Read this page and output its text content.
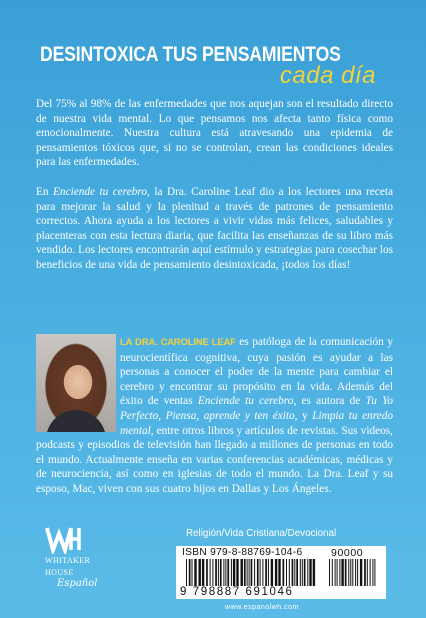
DESINTOXICA TUS PENSAMIENTOS
cada día

Del 75% al 98% de las enfermedades que nos aquejan son el resultado directo de nuestra vida mental. Lo que pensamos nos afecta tanto física como emocionalmente. Nuestra cultura está atravesando una epidemia de pensamientos tóxicos que, si no se controlan, crean las condiciones ideales para las enfermedades.

En Enciende tu cerebro, la Dra. Caroline Leaf dio a los lectores una receta para mejorar la salud y la plenitud a través de patrones de pensamiento correctos. Ahora ayuda a los lectores a vivir vidas más felices, saludables y placenteras con esta lectura diaria, que facilita las enseñanzas de su libro más vendido. Los lectores encontrarán aquí estímulo y estrategias para cosechar los beneficios de una vida de pensamiento desintoxicada, ¡todos los días!

LA DRA. CAROLINE LEAF es patóloga de la comunicación y neurocientífica cognitiva, cuya pasión es ayudar a las personas a conocer el poder de la mente para cambiar el cerebro y encontrar su propósito en la vida. Además del éxito de ventas Enciende tu cerebro, es autora de Tu Yo Perfecto, Piensa, aprende y ten éxito, y Limpia tu enredo mental, entre otros libros y artículos de revistas. Sus videos, podcasts y episodios de televisión han llegado a millones de personas en todo el mundo. Actualmente enseña en varias conferencias académicas, médicas y de neurociencia, así como en iglesias de todo el mundo. La Dra. Leaf y su esposo, Mac, viven con sus cuatro hijos en Dallas y Los Ángeles.

WHITAKER
HOUSE
Español
Religión/Vida Cristiana/Devocional
ISBN 979-8-88769-104-6	90000
9 798887 691046
www.espanolwh.com
